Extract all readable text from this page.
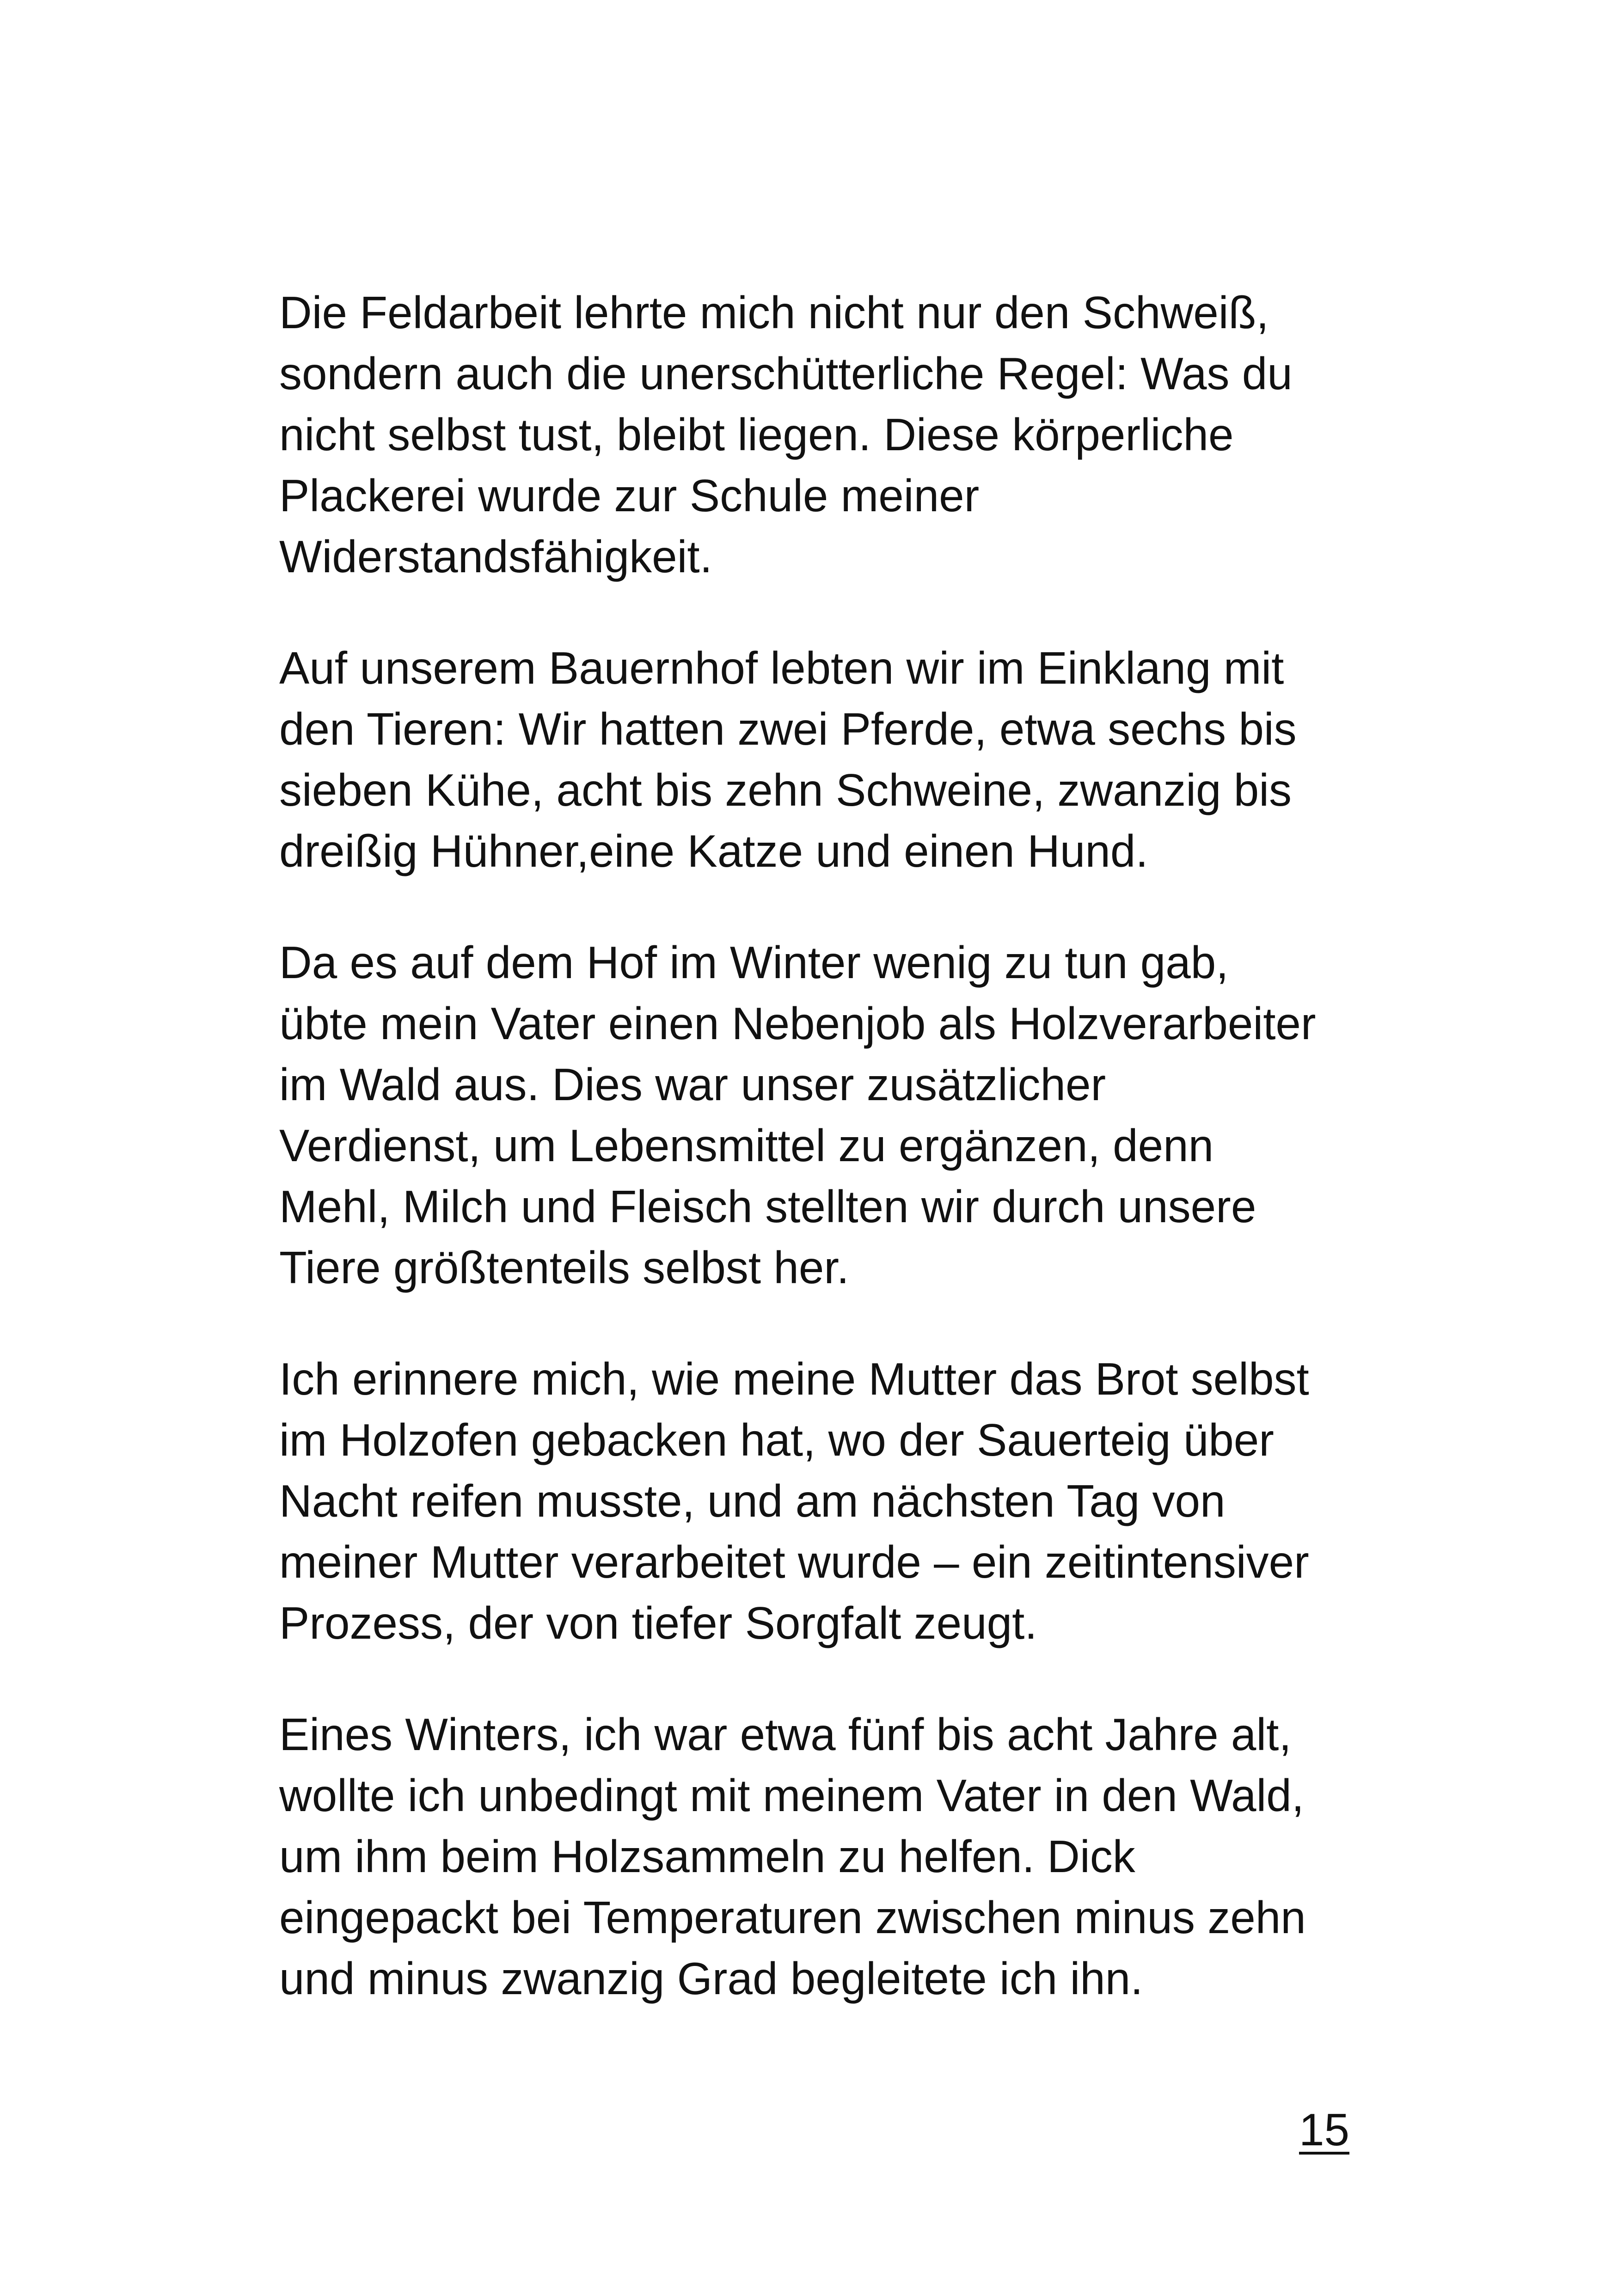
Die Feldarbeit lehrte mich nicht nur den Schweiß,
sondern auch die unerschütterliche Regel: Was du
nicht selbst tust, bleibt liegen. Diese körperliche
Plackerei wurde zur Schule meiner
Widerstandsfähigkeit.

Auf unserem Bauernhof lebten wir im Einklang mit
den Tieren: Wir hatten zwei Pferde, etwa sechs bis
sieben Kühe, acht bis zehn Schweine, zwanzig bis
dreißig Hühner,eine Katze und einen Hund.

Da es auf dem Hof im Winter wenig zu tun gab,
übte mein Vater einen Nebenjob als Holzverarbeiter
im Wald aus. Dies war unser zusätzlicher
Verdienst, um Lebensmittel zu ergänzen, denn
Mehl, Milch und Fleisch stellten wir durch unsere
Tiere größtenteils selbst her.

Ich erinnere mich, wie meine Mutter das Brot selbst
im Holzofen gebacken hat, wo der Sauerteig über
Nacht reifen musste, und am nächsten Tag von
meiner Mutter verarbeitet wurde – ein zeitintensiver
Prozess, der von tiefer Sorgfalt zeugt.

Eines Winters, ich war etwa fünf bis acht Jahre alt,
wollte ich unbedingt mit meinem Vater in den Wald,
um ihm beim Holzsammeln zu helfen. Dick
eingepackt bei Temperaturen zwischen minus zehn
und minus zwanzig Grad begleitete ich ihn.

15
